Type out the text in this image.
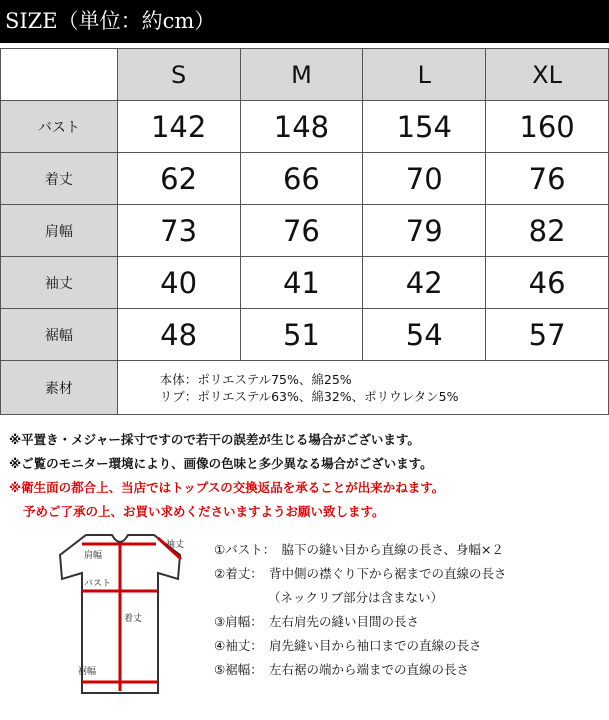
SIZE（単位：約cm）
	S	M	L	XL
バスト	142	148	154	160
着丈	62	66	70	76
肩幅	73	76	79	82
袖丈	40	41	42	46
裾幅	48	51	54	57
素材	本体：ポリエステル75%、綿25%
リブ：ポリエステル63%、綿32%、ポリウレタン5%			
※平置き・メジャー採寸ですので若干の誤差が生じる場合がございます。
※ご覧のモニター環境により、画像の色味と多少異なる場合がございます。
※衛生面の都合上、当店ではトップスの交換返品を承ることが出来かねます。
予めご了承の上、お買い求めくださいますようお願い致します。
肩幅
袖丈
バスト
着丈
裾幅
①バスト：　脇下の縫い目から直線の長さ、身幅×２
②着丈：　背中側の襟ぐり下から裾までの直線の長さ
（ネックリブ部分は含まない）
③肩幅：　左右肩先の縫い目間の長さ
④袖丈：　肩先縫い目から袖口までの直線の長さ
⑤裾幅：　左右裾の端から端までの直線の長さ
